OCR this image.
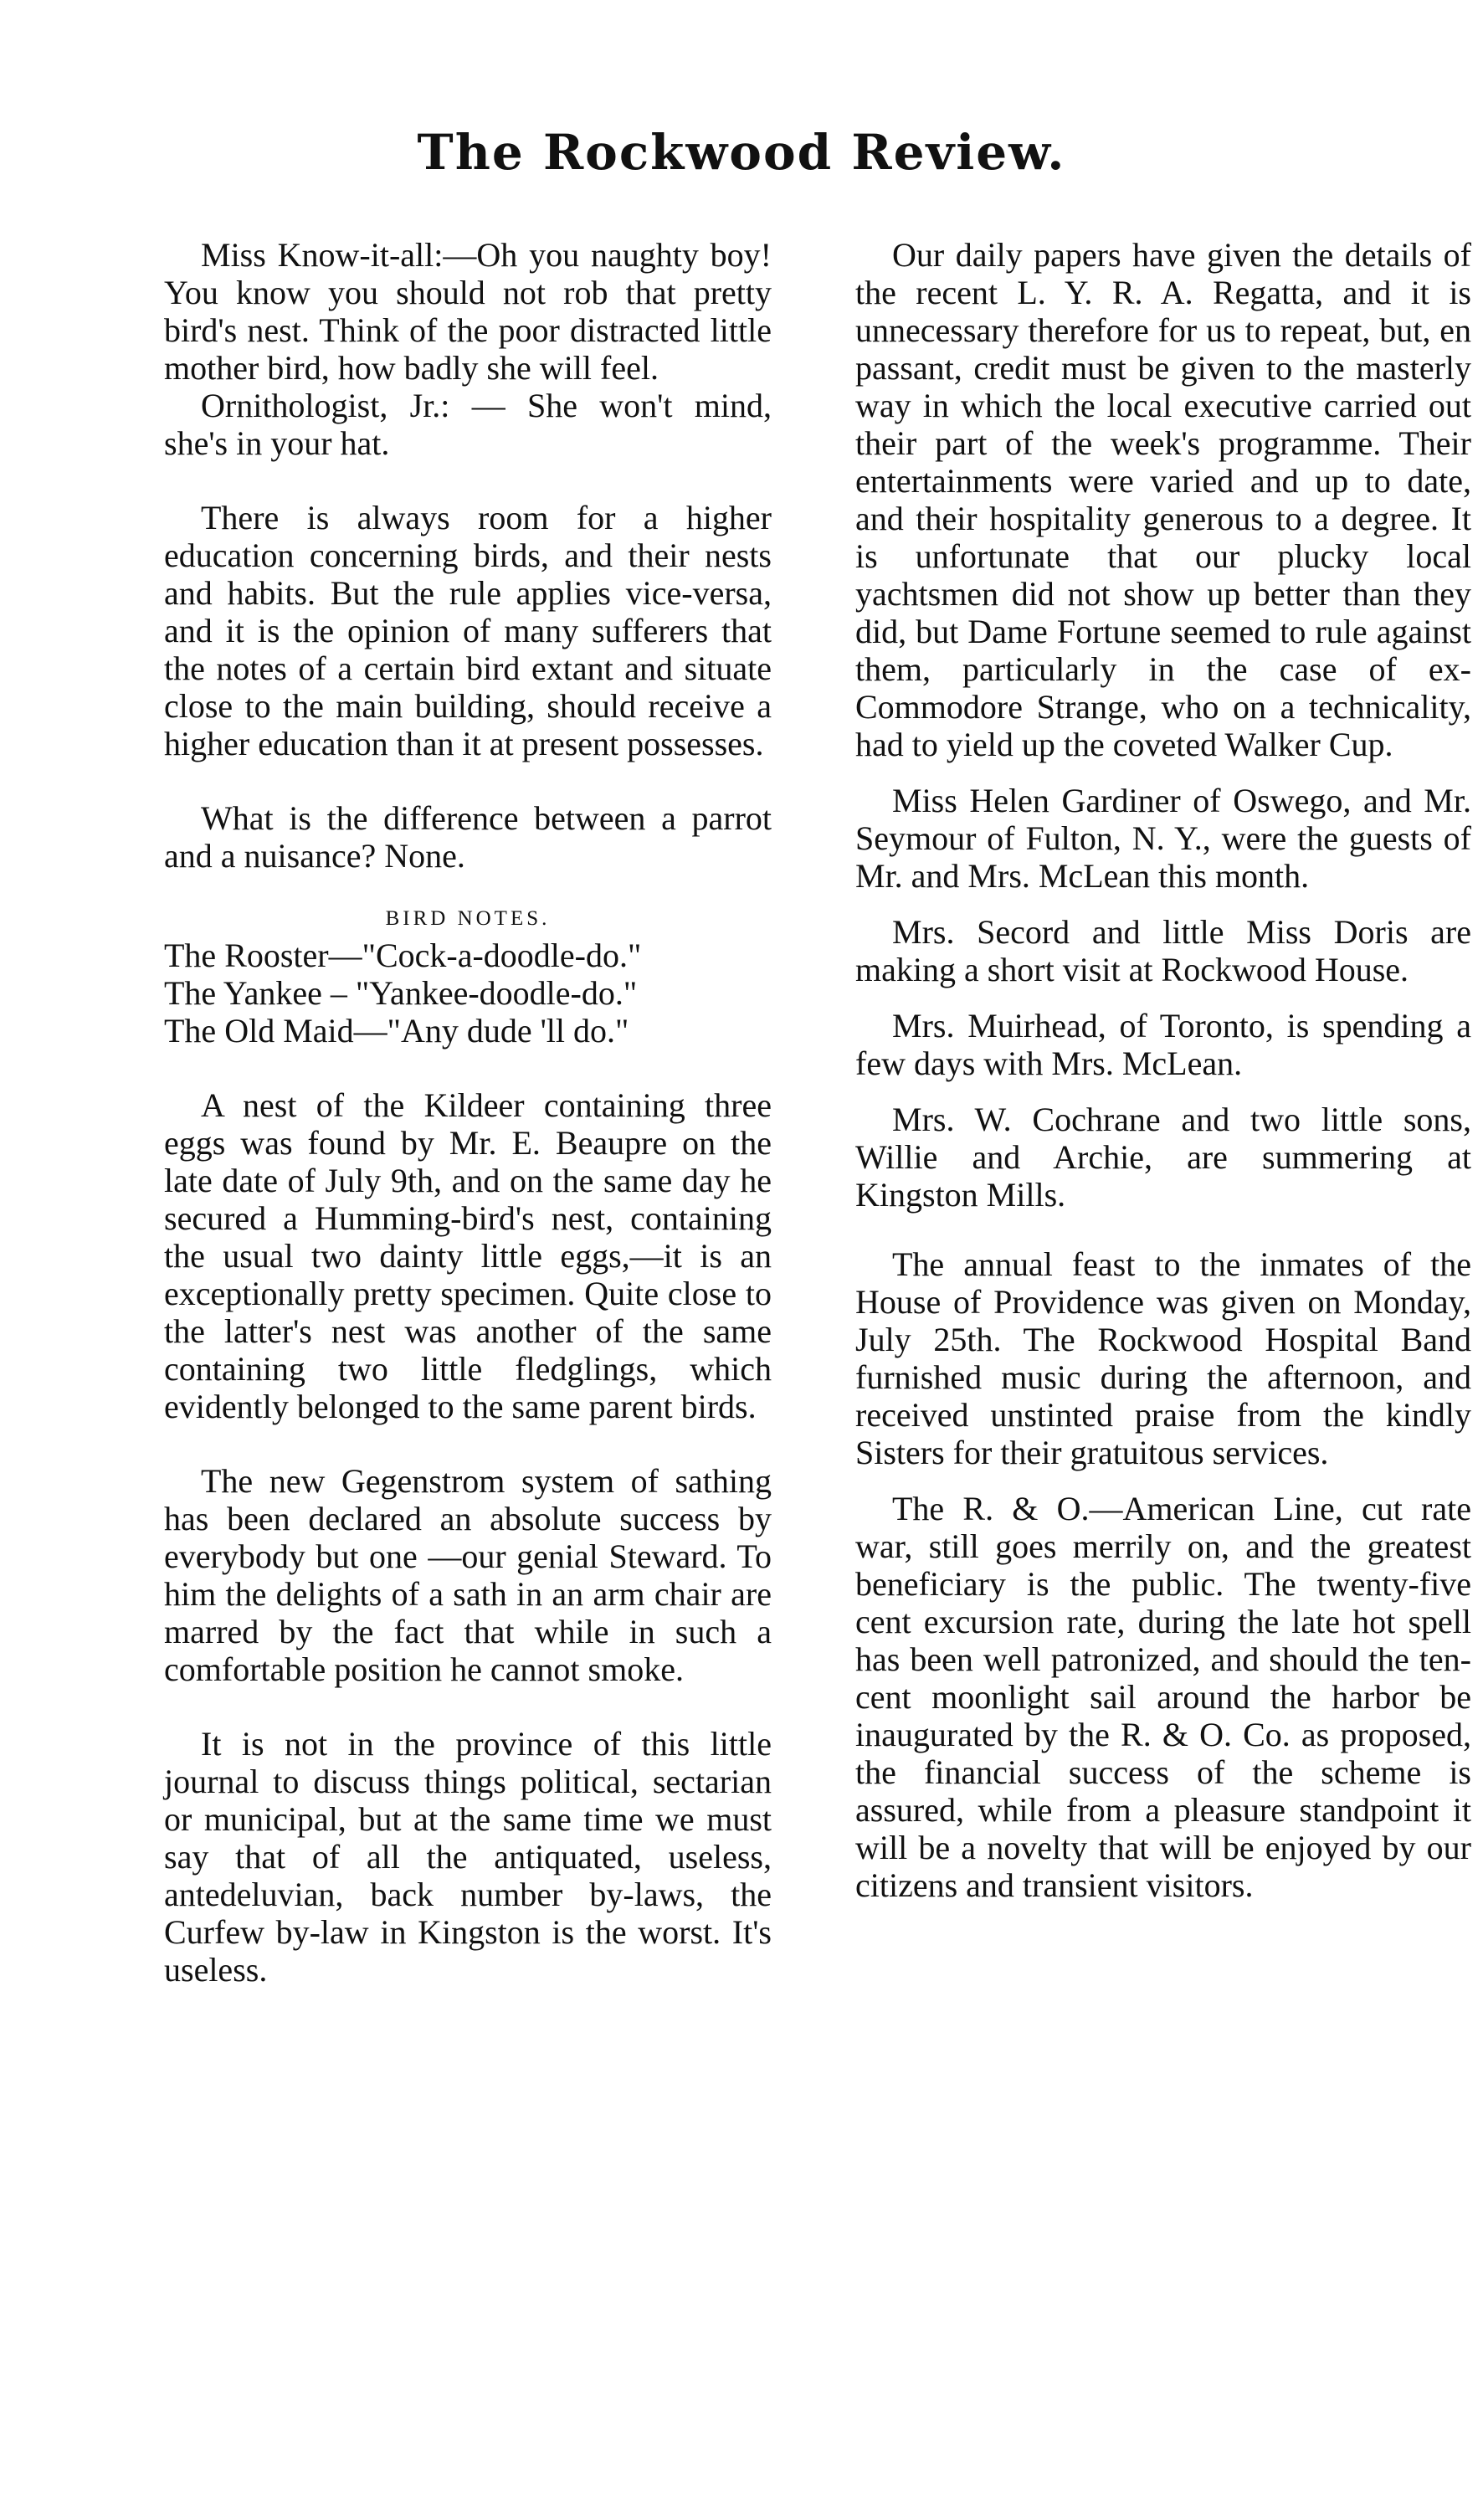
The Rockwood Review.

Miss Know-it-all:—Oh you naughty boy! You know you should not rob that pretty bird's nest. Think of the poor distracted little mother bird, how badly she will feel.

Ornithologist, Jr.: — She won't mind, she's in your hat.

There is always room for a higher education concerning birds, and their nests and habits. But the rule applies vice-versa, and it is the opinion of many sufferers that the notes of a certain bird extant and situate close to the main building, should receive a higher education than it at present possesses.

What is the difference between a parrot and a nuisance? None.

BIRD NOTES.

The Rooster—"Cock-a-doodle-do."

The Yankee – "Yankee-doodle-do."

The Old Maid—"Any dude 'll do."

A nest of the Kildeer containing three eggs was found by Mr. E. Beaupre on the late date of July 9th, and on the same day he secured a Humming-bird's nest, containing the usual two dainty little eggs,—it is an exceptionally pretty specimen. Quite close to the latter's nest was another of the same containing two little fledglings, which evidently belonged to the same parent birds.

The new Gegenstrom system of sathing has been declared an absolute success by everybody but one —our genial Steward. To him the delights of a sath in an arm chair are marred by the fact that while in such a comfortable position he cannot smoke.

It is not in the province of this little journal to discuss things political, sectarian or municipal, but at the same time we must say that of all the antiquated, useless, antedeluvian, back number by-laws, the Curfew by-law in Kingston is the worst. It's useless.

Our daily papers have given the details of the recent L. Y. R. A. Regatta, and it is unnecessary therefore for us to repeat, but, en passant, credit must be given to the masterly way in which the local executive carried out their part of the week's programme. Their entertainments were varied and up to date, and their hospitality generous to a degree. It is unfortunate that our plucky local yachtsmen did not show up better than they did, but Dame Fortune seemed to rule against them, particularly in the case of ex-Commodore Strange, who on a technicality, had to yield up the coveted Walker Cup.

Miss Helen Gardiner of Oswego, and Mr. Seymour of Fulton, N. Y., were the guests of Mr. and Mrs. McLean this month.

Mrs. Secord and little Miss Doris are making a short visit at Rockwood House.

Mrs. Muirhead, of Toronto, is spending a few days with Mrs. McLean.

Mrs. W. Cochrane and two little sons, Willie and Archie, are summering at Kingston Mills.

The annual feast to the inmates of the House of Providence was given on Monday, July 25th. The Rockwood Hospital Band furnished music during the afternoon, and received unstinted praise from the kindly Sisters for their gratuitous services.

The R. & O.—American Line, cut rate war, still goes merrily on, and the greatest beneficiary is the public. The twenty-five cent excursion rate, during the late hot spell has been well patronized, and should the ten-cent moonlight sail around the harbor be inaugurated by the R. & O. Co. as proposed, the financial success of the scheme is assured, while from a pleasure standpoint it will be a novelty that will be enjoyed by our citizens and transient visitors.
